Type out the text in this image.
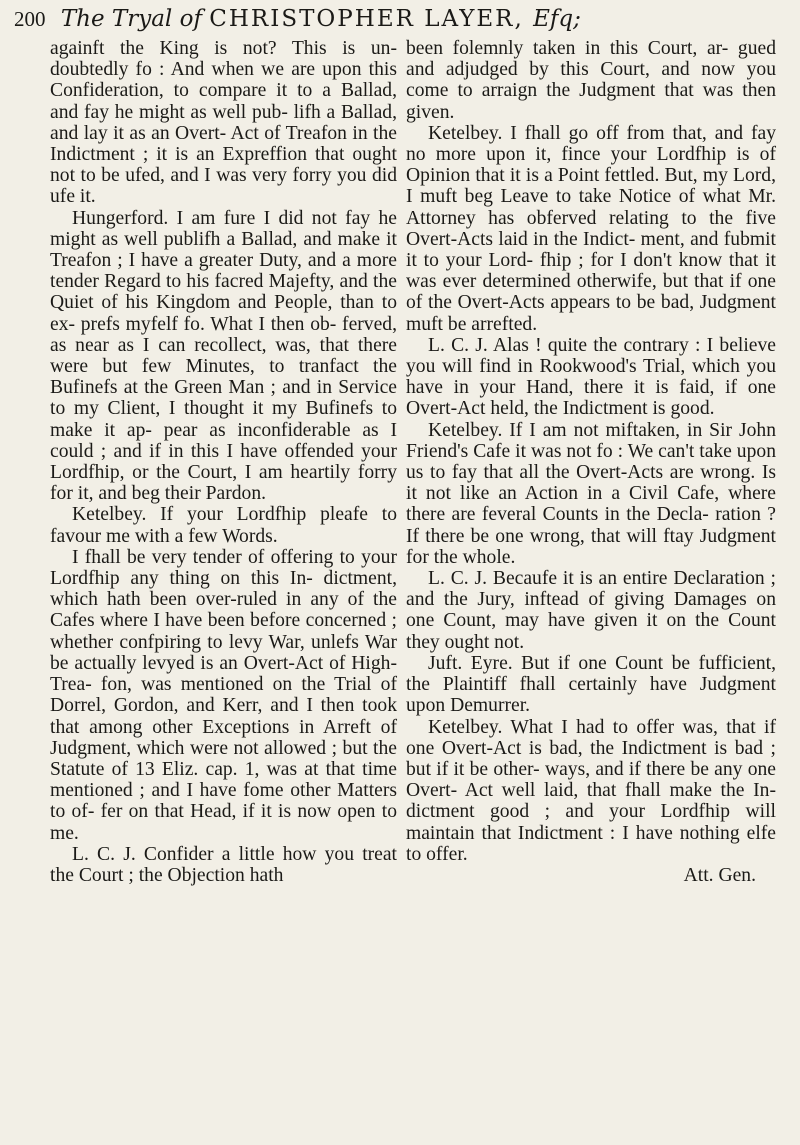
200 The Tryal of CHRISTOPHER LAYER, Efq;

againft the King is not? This is un- doubtedly fo : And when we are upon this Confideration, to compare it to a Ballad, and fay he might as well pub- lifh a Ballad, and lay it as an Overt- Act of Treafon in the Indictment ; it is an Expreffion that ought not to be ufed, and I was very forry you did ufe it.

Hungerford. I am fure I did not fay he might as well publifh a Ballad, and make it Treafon ; I have a greater Duty, and a more tender Regard to his facred Majefty, and the Quiet of his Kingdom and People, than to ex- prefs myfelf fo. What I then ob- ferved, as near as I can recollect, was, that there were but few Minutes, to tranfact the Bufinefs at the Green Man ; and in Service to my Client, I thought it my Bufinefs to make it ap- pear as inconfiderable as I could ; and if in this I have offended your Lordfhip, or the Court, I am heartily forry for it, and beg their Pardon.

Ketelbey. If your Lordfhip pleafe to favour me with a few Words.

I fhall be very tender of offering to your Lordfhip any thing on this In- dictment, which hath been over-ruled in any of the Cafes where I have been before concerned ; whether confpiring to levy War, unlefs War be actually levyed is an Overt-Act of High-Trea- fon, was mentioned on the Trial of Dorrel, Gordon, and Kerr, and I then took that among other Exceptions in Arreft of Judgment, which were not allowed ; but the Statute of 13 Eliz. cap. 1, was at that time mentioned ; and I have fome other Matters to of- fer on that Head, if it is now open to me.

L. C. J. Confider a little how you treat the Court ; the Objection hath

been folemnly taken in this Court, ar- gued and adjudged by this Court, and now you come to arraign the Judgment that was then given.

Ketelbey. I fhall go off from that, and fay no more upon it, fince your Lordfhip is of Opinion that it is a Point fettled. But, my Lord, I muft beg Leave to take Notice of what Mr. Attorney has obferved relating to the five Overt-Acts laid in the Indict- ment, and fubmit it to your Lord- fhip ; for I don't know that it was ever determined otherwife, but that if one of the Overt-Acts appears to be bad, Judgment muft be arrefted.

L. C. J. Alas ! quite the contrary : I believe you will find in Rookwood's Trial, which you have in your Hand, there it is faid, if one Overt-Act held, the Indictment is good.

Ketelbey. If I am not miftaken, in Sir John Friend's Cafe it was not fo : We can't take upon us to fay that all the Overt-Acts are wrong. Is it not like an Action in a Civil Cafe, where there are feveral Counts in the Decla- ration ? If there be one wrong, that will ftay Judgment for the whole.

L. C. J. Becaufe it is an entire Declaration ; and the Jury, inftead of giving Damages on one Count, may have given it on the Count they ought not.

Juft. Eyre. But if one Count be fufficient, the Plaintiff fhall certainly have Judgment upon Demurrer.

Ketelbey. What I had to offer was, that if one Overt-Act is bad, the Indictment is bad ; but if it be other- ways, and if there be any one Overt- Act well laid, that fhall make the In- dictment good ; and your Lordfhip will maintain that Indictment : I have nothing elfe to offer.

Att. Gen.
